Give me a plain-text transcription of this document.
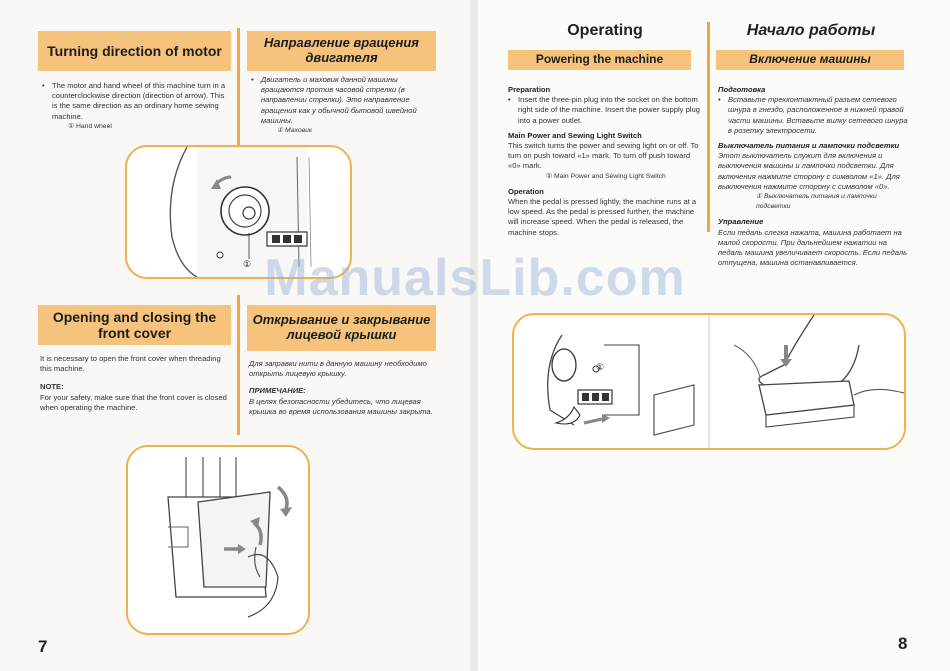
Turning direction of motor
Направление вращения двигателя
• The motor and hand wheel of this machine turn in a counterclockwise direction (direction of arrow). This is the same direction as an ordinary home sewing machine.
① Hand wheel
• Двигатель и маховик данной машины вращаются против часовой стрелки (в направлении стрелки). Это направление вращения как у обычной бытовой швейной машины.
① Маховик
①
Opening and closing the front cover
Открывание и закрывание лицевой крышки
It is necessary to open the front cover when threading this machine.
NOTE:
For your safety, make sure that the front cover is closed when operating the machine.
Для заправки нити в данную машину необходимо открыть лицевую крышку.
ПРИМЕЧАНИЕ:
В целях безопасности убедитесь, что лицевая крышка во время использования машины закрыта.
7
Operating	Начало работы
Powering the machine	Включение машины
Preparation
• Insert the three-pin plug into the socket on the bottom right side of the machine. Insert the power supply plug into a power outlet.
Main Power and Sewing Light Switch
This switch turns the power and sewing light on or off. To turn on push toward «1» mark. To turn off push toward «0» mark.
① Main Power and Sewing Light Switch
Operation
When the pedal is pressed lightly, the machine runs at a low speed. As the pedal is pressed further, the machine will increase speed. When the pedal is released, the machine stops.
Подготовка
• Вставьте трехконтактный разъем сетевого шнура в гнездо, расположенное в нижней правой части машины. Вставьте вилку сетевого шнура в розетку электросети.
Выключатель питания и лампочки подсветки
Этот выключатель служит для включения и выключения машины и лампочки подсветки. Для включения нажмите сторону с символом «1». Для выключения нажмите сторону с символом «0».
① Выключатель питания и лампочки подсветки
Управление
Если педаль слегка нажата, машина работает на малой скорости. При дальнейшем нажатии на педаль машина увеличивает скорость. Если педаль отпущена, машина останавливается.
①
8
ManualsLib.com
